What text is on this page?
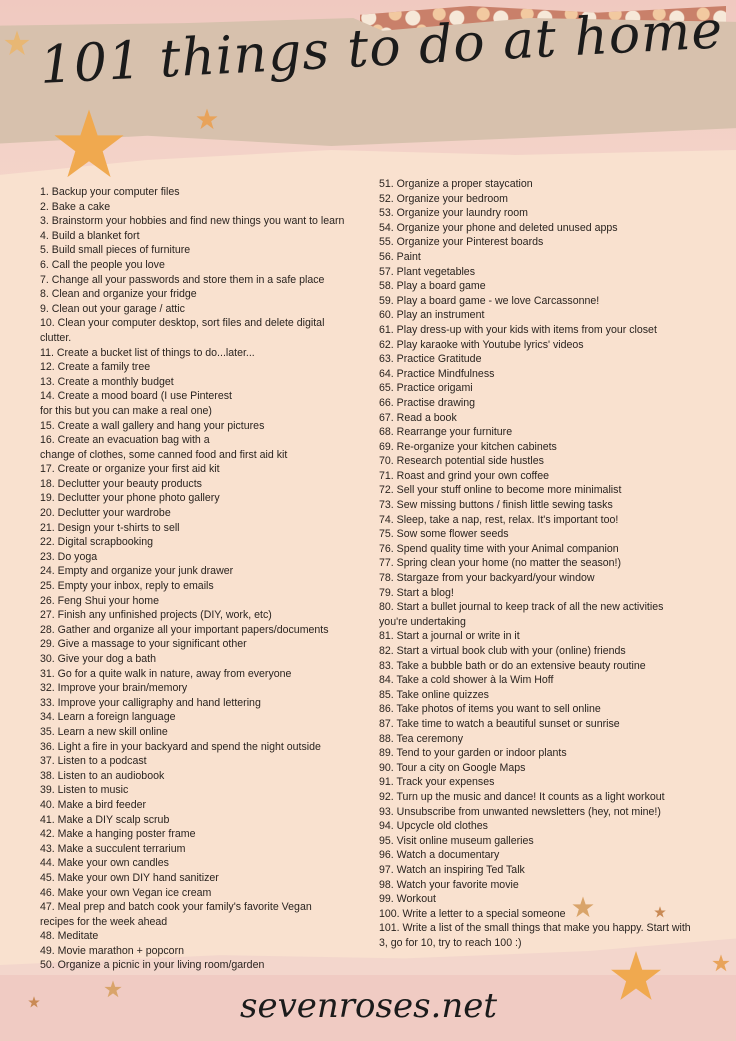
101 things to do at home
1. Backup your computer files
2. Bake a cake
3. Brainstorm your hobbies and find new things you want to learn
4. Build a blanket fort
5. Build small pieces of furniture
6. Call the people you love
7. Change all your passwords and store them in a safe place
8. Clean and organize your fridge
9. Clean out your garage / attic
10. Clean your computer desktop, sort files and delete digital
clutter.
11. Create a bucket list of things to do...later...
12. Create a family tree
13. Create a monthly budget
14. Create a mood board (I use Pinterest
for this but you can make a real one)
15. Create a wall gallery and hang your pictures
16. Create an evacuation bag with a
change of clothes, some canned food and first aid kit
17. Create or organize your first aid kit
18. Declutter your beauty products
19. Declutter your phone photo gallery
20. Declutter your wardrobe
21. Design your t-shirts to sell
22. Digital scrapbooking
23. Do yoga
24. Empty and organize your junk drawer
25. Empty your inbox, reply to emails
26. Feng Shui your home
27. Finish any unfinished projects (DIY, work, etc)
28. Gather and organize all your important papers/documents
29. Give a massage to your significant other
30. Give your dog a bath
31. Go for a quite walk in nature, away from everyone
32. Improve your brain/memory
33. Improve your calligraphy and hand lettering
34. Learn a foreign language
35. Learn a new skill online
36. Light a fire in your backyard and spend the night outside
37. Listen to a podcast
38. Listen to an audiobook
39. Listen to music
40. Make a bird feeder
41. Make a DIY scalp scrub
42. Make a hanging poster frame
43. Make a succulent terrarium
44. Make your own candles
45. Make your own DIY hand sanitizer
46. Make your own Vegan ice cream
47. Meal prep and batch cook your family's favorite Vegan
recipes for the week ahead
48. Meditate
49. Movie marathon + popcorn
50. Organize a picnic in your living room/garden
51. Organize a proper staycation
52. Organize your bedroom
53. Organize your laundry room
54. Organize your phone and deleted unused apps
55. Organize your Pinterest boards
56. Paint
57. Plant vegetables
58. Play a board game
59. Play a board game - we love Carcassonne!
60. Play an instrument
61. Play dress-up with your kids with items from your closet
62. Play karaoke with Youtube lyrics' videos
63. Practice Gratitude
64. Practice Mindfulness
65. Practice origami
66. Practise drawing
67. Read a book
68. Rearrange your furniture
69. Re-organize your kitchen cabinets
70. Research potential side hustles
71. Roast and grind your own coffee
72. Sell your stuff online to become more minimalist
73. Sew missing buttons / finish little sewing tasks
74. Sleep, take a nap, rest, relax. It's important too!
75. Sow some flower seeds
76. Spend quality time with your Animal companion
77. Spring clean your home (no matter the season!)
78. Stargaze from your backyard/your window
79. Start a blog!
80. Start a bullet journal to keep track of all the new activities
you're undertaking
81. Start a journal or write in it
82. Start a virtual book club with your (online) friends
83. Take a bubble bath or do an extensive beauty routine
84. Take a cold shower à la Wim Hoff
85. Take online quizzes
86. Take photos of items you want to sell online
87. Take time to watch a beautiful sunset or sunrise
88. Tea ceremony
89. Tend to your garden or indoor plants
90. Tour a city on Google Maps
91. Track your expenses
92. Turn up the music and dance! It counts as a light workout
93. Unsubscribe from unwanted newsletters (hey, not mine!)
94. Upcycle old clothes
95. Visit online museum galleries
96. Watch a documentary
97. Watch an inspiring Ted Talk
98. Watch your favorite movie
99. Workout
100. Write a letter to a special someone
101. Write a list of the small things that make you happy. Start with
3, go for 10, try to reach 100 :)
sevenroses.net
